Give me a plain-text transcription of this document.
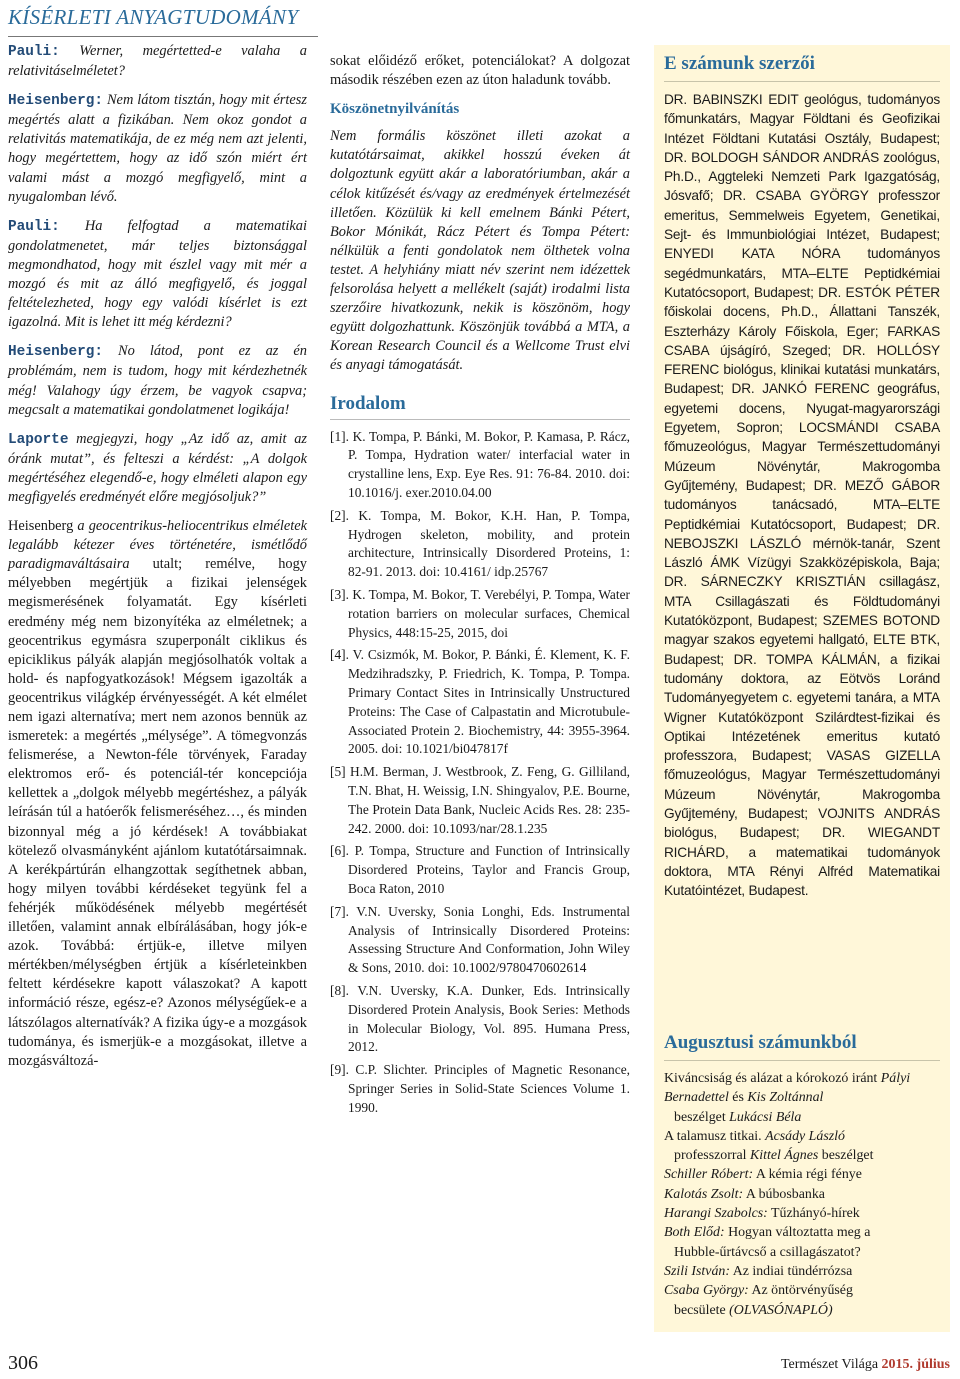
KÍSÉRLETI ANYAGTUDOMÁNY

Pauli: Werner, megértetted-e valaha a relativitáselméletet?

Heisenberg: Nem látom tisztán, hogy mit értesz megértés alatt a fizikában. Nem okoz gondot a relativitás matematikája, de ez még nem azt jelenti, hogy megértettem, hogy az idő szón miért ért valami mást a mozgó megfigyelő, mint a nyugalomban lévő.

Pauli: Ha felfogtad a matematikai gondolatmenetet, már teljes biztonsággal megmondhatod, hogy mit észlel vagy mit mér a mozgó és mit az álló megfigyelő, és joggal feltételezheted, hogy egy valódi kísérlet is ezt igazolná. Mit is lehet itt még kérdezni?

Heisenberg: No látod, pont ez az én problémám, nem is tudom, hogy mit kérdezhetnék még! Valahogy úgy érzem, be vagyok csapva; megcsalt a matematikai gondolatmenet logikája!

Laporte megjegyzi, hogy „Az idő az, amit az óránk mutat”, és felteszi a kérdést: „A dolgok megértéséhez elegendő-e, hogy elméleti alapon egy megfigyelés eredményét előre megjósoljuk?”

Heisenberg a geocentrikus-heliocentrikus elméletek legalább kétezer éves történetére, ismétlődő paradigmaváltásaira utalt; remélve, hogy mélyebben megértjük a fizikai jelenségek megismerésének folyamatát. Egy kísérleti eredmény még nem bizonyítéka az elméletnek; a geocentrikus egymásra szuperponált ciklikus és epiciklikus pályák alapján megjósolhatók voltak a hold- és napfogyatkozások! Mégsem igazolták a geocentrikus világkép érvényességét. A két elmélet nem igazi alternatíva; mert nem azonos bennük az ismeretek: a megértés „mélysége”. A tömegvonzás felismerése, a Newton-féle törvények, Faraday elektromos erő- és potenciál-tér koncepciója kellettek a „dolgok mélyebb megértéshez, a pályák leírásán túl a hatóerők felismeréséhez…, és minden bizonnyal még a jó kérdések! A továbbiakat kötelező olvasmányként ajánlom kutatótársaimnak. A kerékpártúrán elhangzottak segíthetnek abban, hogy milyen további kérdéseket tegyünk fel a fehérjék működésének mélyebb megértését illetően, valamint annak elbírálásában, hogy jók-e azok. Továbbá: értjük-e, illetve milyen mértékben/mélységben értjük a kísérleteinkben feltett kérdésekre kapott válaszokat? A kapott információ része, egész-e? Azonos mélységűek-e a látszólagos alternatívák? A fizika úgy-e a mozgások tudománya, és ismerjük-e a mozgásokat, illetve a mozgásváltozá-

sokat előidéző erőket, potenciálokat? A dolgozat második részében ezen az úton haladunk tovább.

Köszönetnyilvánítás

Nem formális köszönet illeti azokat a kutatótársaimat, akikkel hosszú éveken át dolgoztunk együtt akár a laboratóriumban, akár a célok kitűzését és/vagy az eredmények értelmezését illetően. Közülük ki kell emelnem Bánki Pétert, Bokor Mónikát, Rácz Pétert és Tompa Pétert: nélkülük a fenti gondolatok nem ölthetek volna testet. A helyhiány miatt név szerint nem idézettek felsorolása helyett a mellékelt (saját) irodalmi lista szerzőire hivatkozunk, nekik is köszönöm, hogy együtt dolgozhattunk. Köszönjük továbbá a MTA, a Korean Research Council és a Wellcome Trust elvi és anyagi támogatását.

Irodalom
[1]. K. Tompa, P. Bánki, M. Bokor, P. Kamasa, P. Rácz, P. Tompa, Hydration water/ interfacial water in crystalline lens, Exp. Eye Res. 91: 76-84. 2010. doi: 10.1016/j. exer.2010.04.00
[2]. K. Tompa, M. Bokor, K.H. Han, P. Tompa, Hydrogen skeleton, mobility, and protein architecture, Intrinsically Disordered Proteins, 1: 82-91. 2013. doi: 10.4161/ idp.25767
[3]. K. Tompa, M. Bokor, T. Verebélyi, P. Tompa, Water rotation barriers on molecular surfaces, Chemical Physics, 448:15-25, 2015, doi
[4]. V. Csizmók, M. Bokor, P. Bánki, É. Klement, K. F. Medzihradszky, P. Friedrich, K. Tompa, P. Tompa. Primary Contact Sites in Intrinsically Unstructured Proteins: The Case of Calpastatin and Microtubule-Associated Protein 2. Biochemistry, 44: 3955-3964. 2005. doi: 10.1021/bi047817f
[5] H.M. Berman, J. Westbrook, Z. Feng, G. Gilliland, T.N. Bhat, H. Weissig, I.N. Shingyalov, P.E. Bourne, The Protein Data Bank, Nucleic Acids Res. 28: 235-242. 2000. doi: 10.1093/nar/28.1.235
[6]. P. Tompa, Structure and Function of Intrinsically Disordered Proteins, Taylor and Francis Group, Boca Raton, 2010
[7]. V.N. Uversky, Sonia Longhi, Eds. Instrumental Analysis of Intrinsically Disordered Proteins: Assessing Structure And Conformation, John Wiley & Sons, 2010. doi: 10.1002/9780470602614
[8]. V.N. Uversky, K.A. Dunker, Eds. Intrinsically Disordered Protein Analysis, Book Series: Methods in Molecular Biology, Vol. 895. Humana Press, 2012.
[9]. C.P. Slichter. Principles of Magnetic Resonance, Springer Series in Solid-State Sciences Volume 1. 1990.
E számunk szerzői
DR. BABINSZKI EDIT geológus, tudományos főmunkatárs, Magyar Földtani és Geofizikai Intézet Földtani Kutatási Osztály, Budapest; DR. BOLDOGH SÁNDOR ANDRÁS zoológus, Ph.D., Aggteleki Nemzeti Park Igazgatóság, Jósvafő; DR. CSABA GYÖRGY professzor emeritus, Semmelweis Egyetem, Genetikai, Sejt- és Immunbiológiai Intézet, Budapest; ENYEDI KATA NÓRA tudományos segédmunkatárs, MTA–ELTE Peptidkémiai Kutatócsoport, Budapest; DR. ESTÓK PÉTER főiskolai docens, Ph.D., Állattani Tanszék, Eszterházy Károly Főiskola, Eger; FARKAS CSABA újságíró, Szeged; DR. HOLLÓSY FERENC biológus, klinikai kutatási munkatárs, Budapest; DR. JANKÓ FERENC geográfus, egyetemi docens, Nyugat-magyarországi Egyetem, Sopron; LOCSMÁNDI CSABA főmuzeológus, Magyar Természettudományi Múzeum Növénytár, Makrogomba Gyűjtemény, Budapest; DR. MEZŐ GÁBOR tudományos tanácsadó, MTA–ELTE Peptidkémiai Kutatócsoport, Budapest; DR. NEBOJSZKI LÁSZLÓ mérnök-tanár, Szent László ÁMK Vízügyi Szakközépiskola, Baja; DR. SÁRNECZKY KRISZTIÁN csillagász, MTA Csillagászati és Földtudományi Kutatóközpont, Budapest; SZEMES BOTOND magyar szakos egyetemi hallgató, ELTE BTK, Budapest; DR. TOMPA KÁLMÁN, a fizikai tudomány doktora, az Eötvös Loránd Tudományegyetem c. egyetemi tanára, a MTA Wigner Kutatóközpont Szilárdtest-fizikai és Optikai Intézetének emeritus kutató professzora, Budapest; VASAS GIZELLA főmuzeológus, Magyar Természettudományi Múzeum Növénytár, Makrogomba Gyűjtemény, Budapest; VOJNITS ANDRÁS biológus, Budapest; DR. WIEGANDT RICHÁRD, a matematikai tudományok doktora, MTA Rényi Alfréd Matematikai Kutatóintézet, Budapest.
Augusztusi számunkból
Kiváncsiság és alázat a kórokozó iránt Pályi Bernadettel és Kis Zoltánnal
beszélget Lukácsi Béla
A talamusz titkai. Acsády László
professzorral Kittel Ágnes beszélget
Schiller Róbert: A kémia régi fénye
Kalotás Zsolt: A búbosbanka
Harangi Szabolcs: Tűzhányó-hírek
Both Előd: Hogyan változtatta meg a
Hubble-űrtávcső a csillagászatot?
Szili István: Az indiai tündérrózsa
Csaba György: Az öntörvényűség
becsülete (OLVASÓNAPLÓ)
306	Természet Világa 2015. július
